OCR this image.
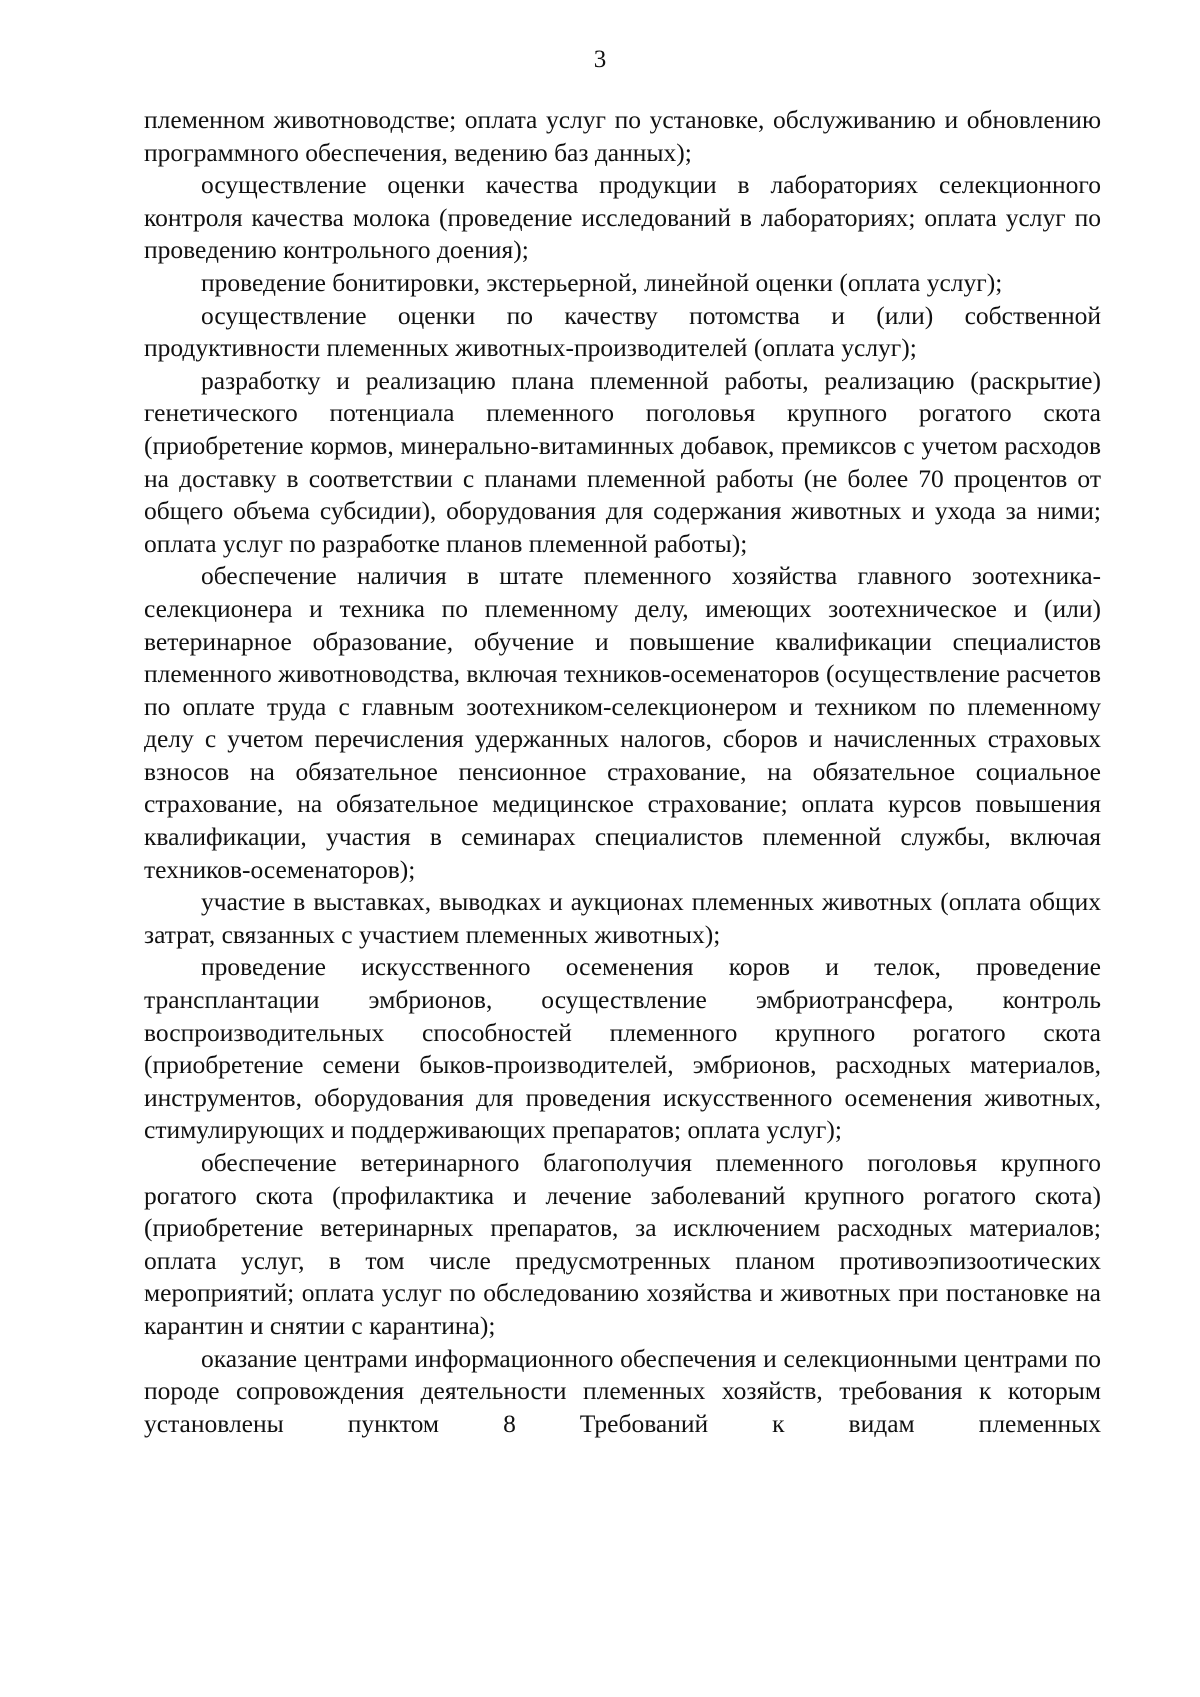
3

племенном животноводстве; оплата услуг по установке, обслуживанию и обновлению программного обеспечения, ведению баз данных);

осуществление оценки качества продукции в лабораториях селекционного контроля качества молока (проведение исследований в лабораториях; оплата услуг по проведению контрольного доения);

проведение бонитировки, экстерьерной, линейной оценки (оплата услуг);

осуществление оценки по качеству потомства и (или) собственной продуктивности племенных животных-производителей (оплата услуг);

разработку и реализацию плана племенной работы, реализацию (раскрытие) генетического потенциала племенного поголовья крупного рогатого скота (приобретение кормов, минерально-витаминных добавок, премиксов с учетом расходов на доставку в соответствии с планами племенной работы (не более 70 процентов от общего объема субсидии), оборудования для содержания животных и ухода за ними; оплата услуг по разработке планов племенной работы);

обеспечение наличия в штате племенного хозяйства главного зоотехника-селекционера и техника по племенному делу, имеющих зоотехническое и (или) ветеринарное образование, обучение и повышение квалификации специалистов племенного животноводства, включая техников-осеменаторов (осуществление расчетов по оплате труда с главным зоотехником-селекционером и техником по племенному делу с учетом перечисления удержанных налогов, сборов и начисленных страховых взносов на обязательное пенсионное страхование, на обязательное социальное страхование, на обязательное медицинское страхование; оплата курсов повышения квалификации, участия в семинарах специалистов племенной службы, включая техников-осеменаторов);

участие в выставках, выводках и аукционах племенных животных (оплата общих затрат, связанных с участием племенных животных);

проведение искусственного осеменения коров и телок, проведение трансплантации эмбрионов, осуществление эмбриотрансфера, контроль воспроизводительных способностей племенного крупного рогатого скота (приобретение семени быков-производителей, эмбрионов, расходных материалов, инструментов, оборудования для проведения искусственного осеменения животных, стимулирующих и поддерживающих препаратов; оплата услуг);

обеспечение ветеринарного благополучия племенного поголовья крупного рогатого скота (профилактика и лечение заболеваний крупного рогатого скота) (приобретение ветеринарных препаратов, за исключением расходных материалов; оплата услуг, в том числе предусмотренных планом противоэпизоотических мероприятий; оплата услуг по обследованию хозяйства и животных при постановке на карантин и снятии с карантина);

оказание центрами информационного обеспечения и селекционными центрами по породе сопровождения деятельности племенных хозяйств, требования к которым установлены пунктом 8 Требований к видам племенных
